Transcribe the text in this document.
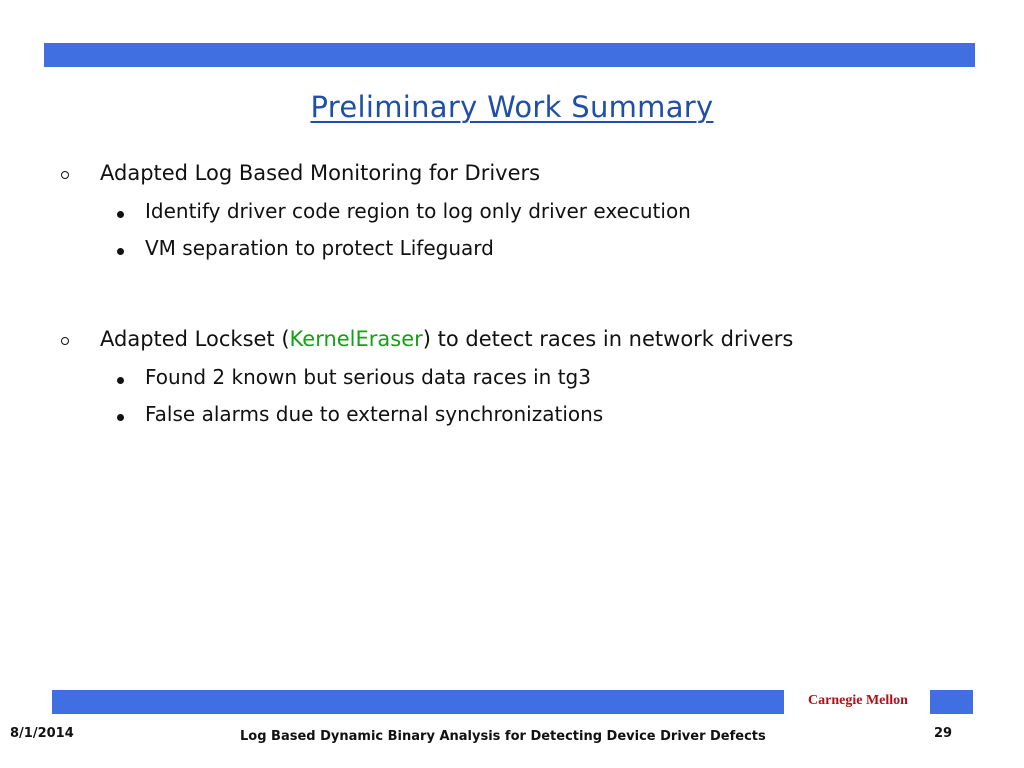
Preliminary Work Summary
Adapted Log Based Monitoring for Drivers
Identify driver code region to log only driver execution
VM separation to protect Lifeguard
Adapted Lockset (KernelEraser) to detect races in network drivers
Found 2 known but serious data races in tg3
False alarms due to external synchronizations
Carnegie Mellon
8/1/2014	Log Based Dynamic Binary Analysis for Detecting Device Driver Defects	29
